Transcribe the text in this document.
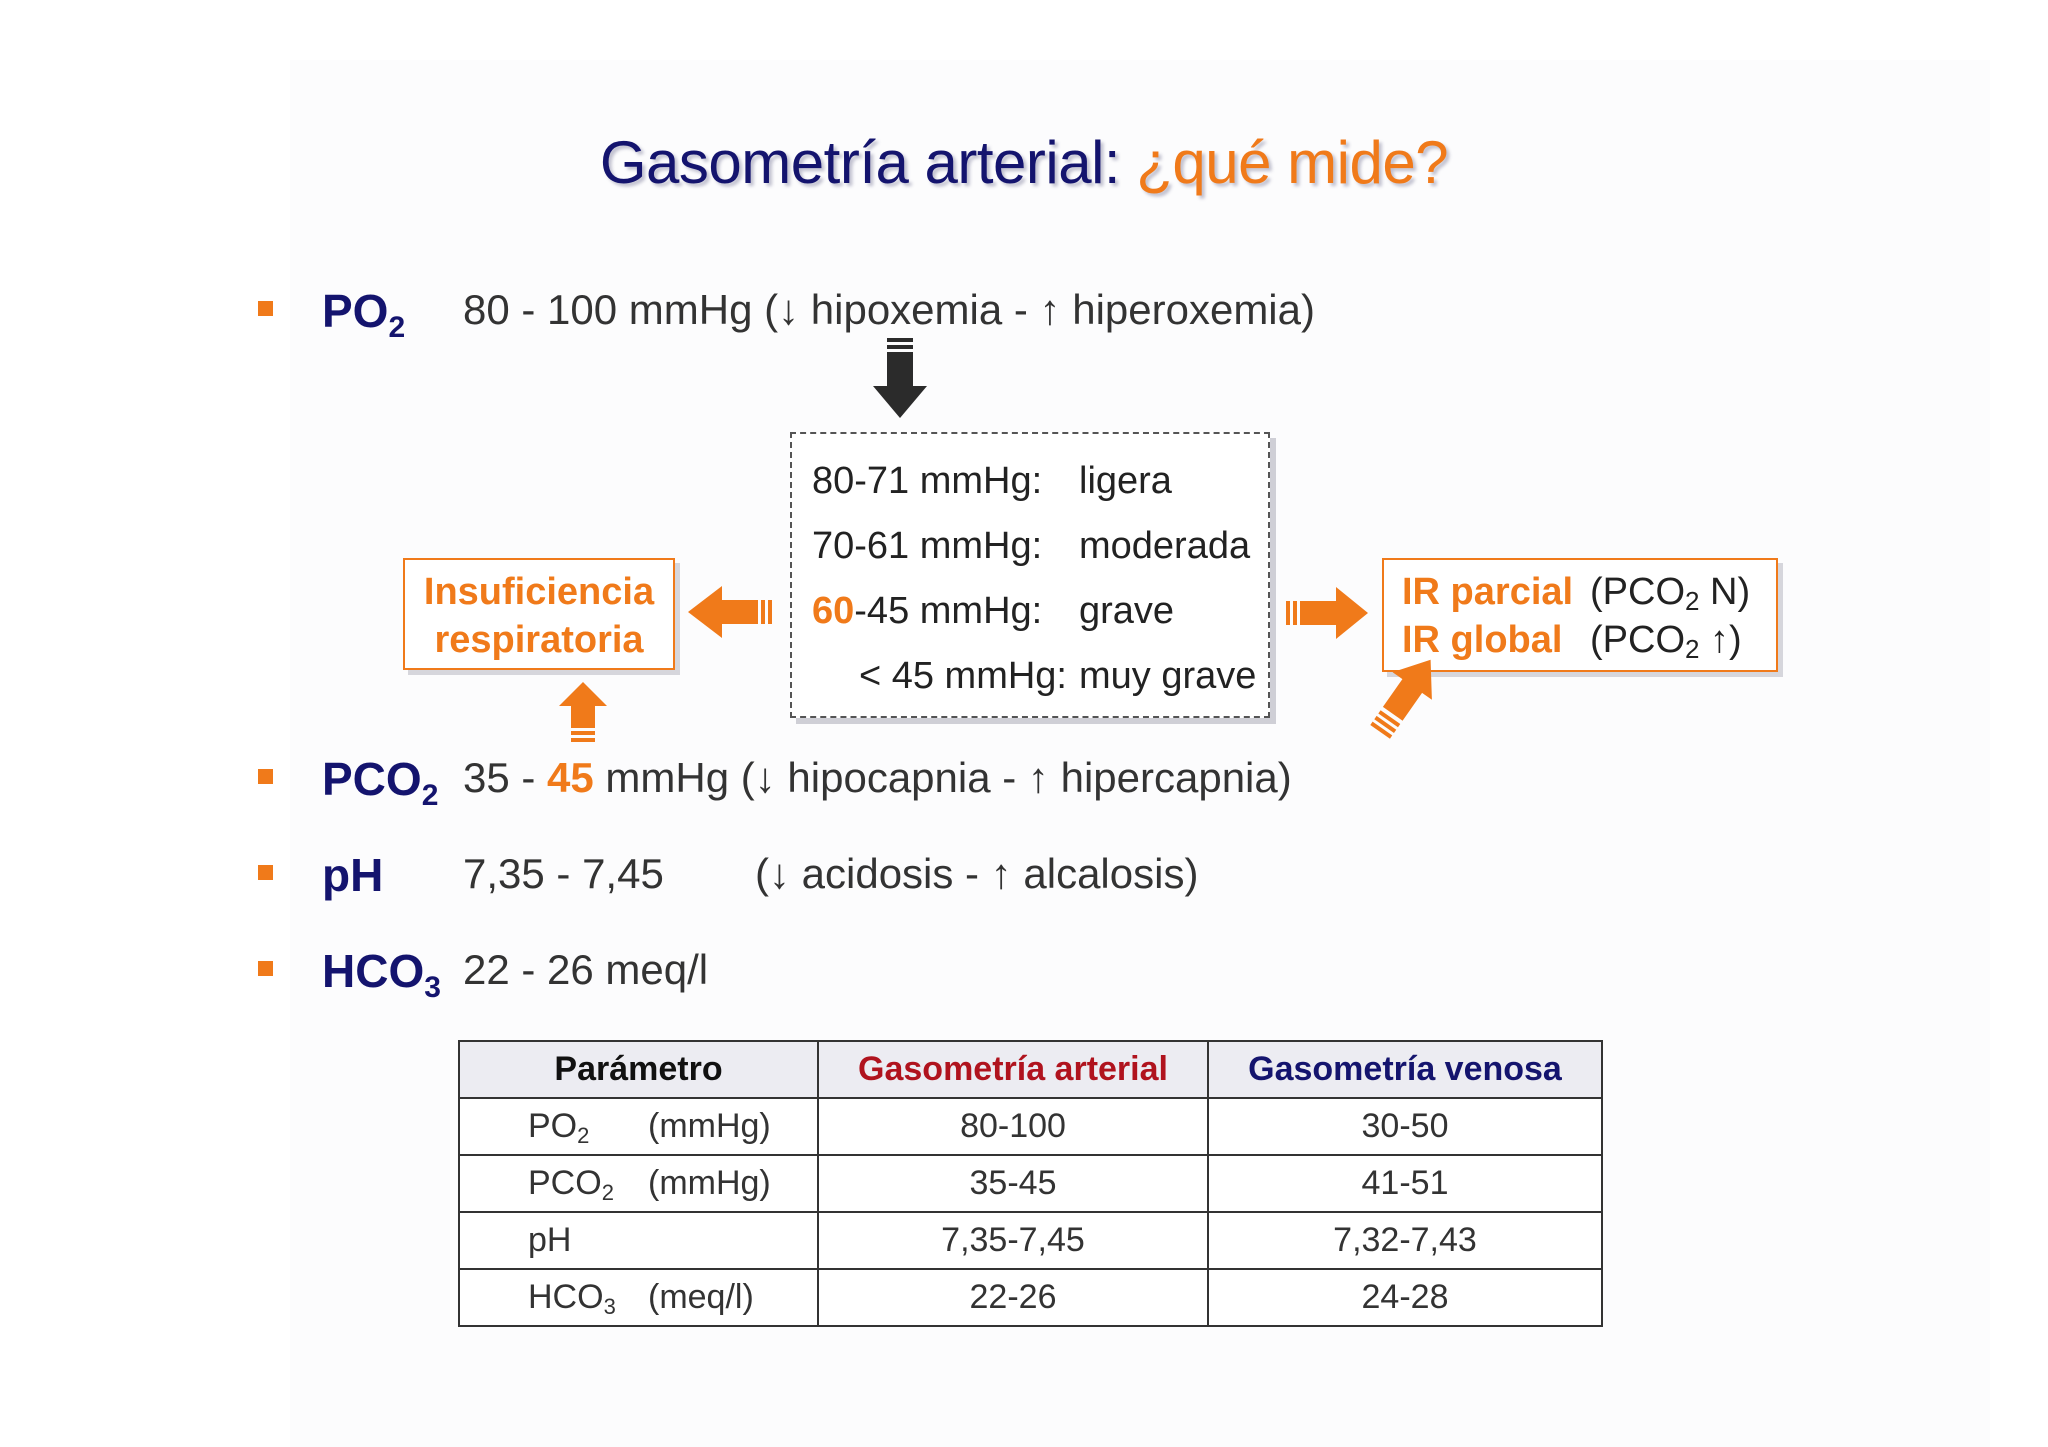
Gasometría arterial: ¿qué mide?
$PO_2$ 80 - 100 mmHg (↓ hipoxemia - ↑ hiperoxemia)
$PCO_2$ 35 - 45 mmHg (↓ hipocapnia - ↑ hipercapnia)
pH 7,35 - 7,45 (↓ acidosis - ↑ alcalosis)
$HCO_3$ 22 - 26 meq/l
80-71 mmHg: ligera
70-61 mmHg: moderada
60-45 mmHg: grave
< 45 mmHg: muy grave
Insuficiencia
respiratoria
IR parcial ($PCO_2$ N)
IR global ($PCO_2$ ↑)
Parámetro	Gasometría arterial	Gasometría venosa
$PO_2$ (mmHg)	80-100	30-50
$PCO_2$ (mmHg)	35-45	41-51
pH	7,35-7,45	7,32-7,43
$HCO_3$ (meq/l)	22-26	24-28
